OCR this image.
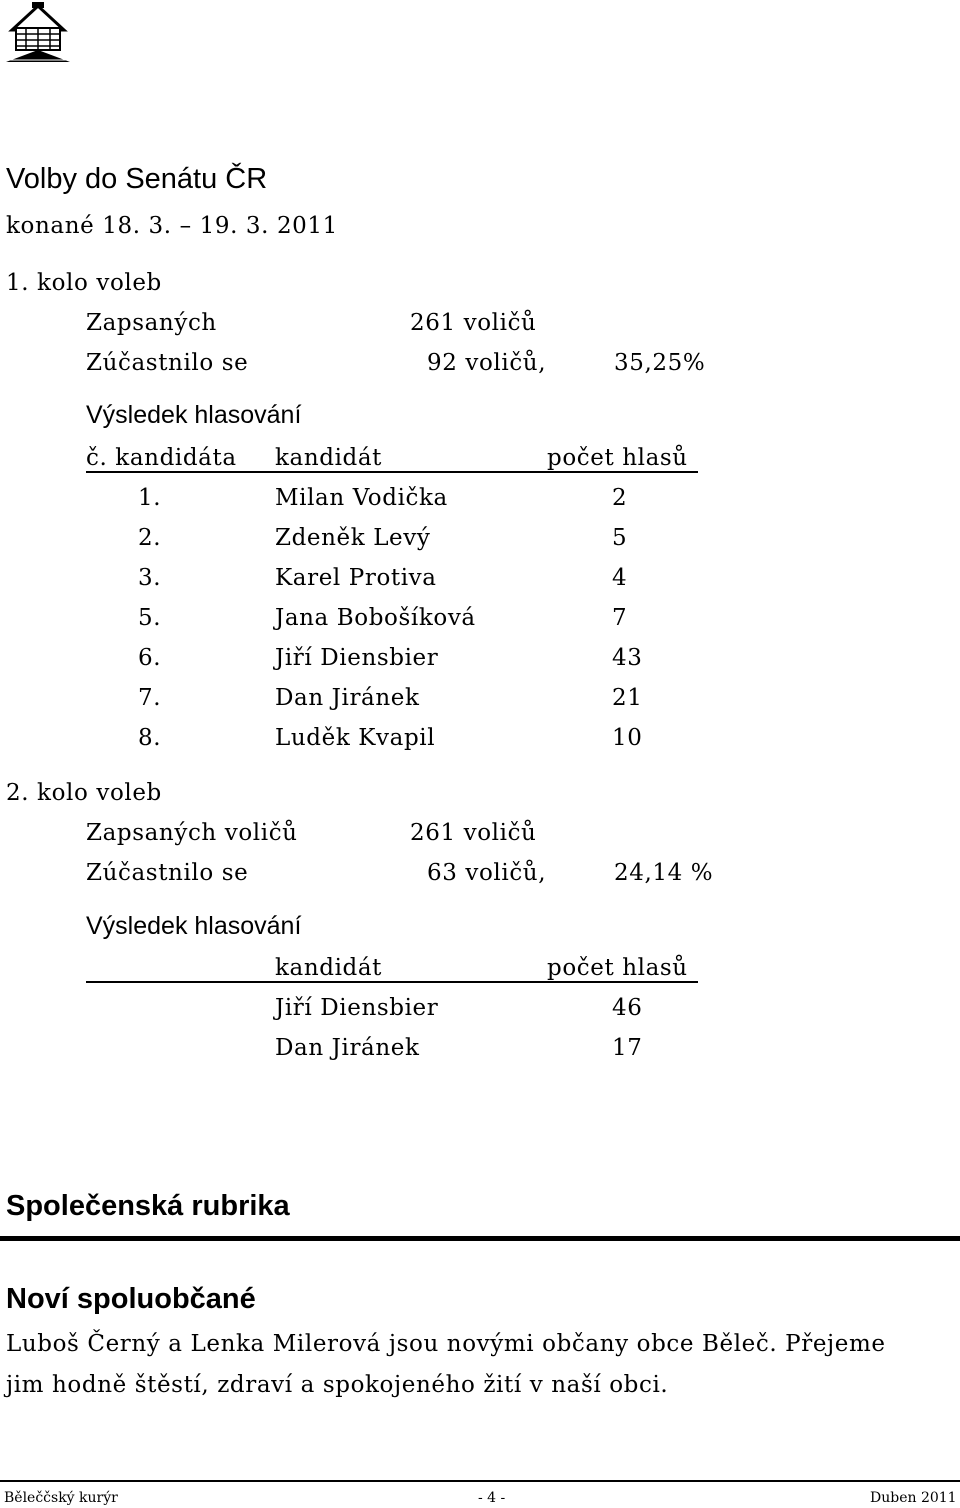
Volby do Senátu ČR
konané 18. 3. – 19. 3. 2011
1. kolo voleb
Zapsaných	261 voličů
Zúčastnilo se	92 voličů,	35,25%
Výsledek hlasování
č. kandidáta kandidát	počet hlasů
1.	Milan Vodička	2
2.	Zdeněk Levý	5
3.	Karel Protiva	4
5.	Jana Bobošíková	7
6.	Jiří Diensbier	43
7.	Dan Jiránek	21
8.	Luděk Kvapil	10
2. kolo voleb
Zapsaných voličů	261 voličů
Zúčastnilo se	63 voličů,	24,14 %
Výsledek hlasování
kandidát	počet hlasů
Jiří Diensbier	46
Dan Jiránek	17
Společenská rubrika
Noví spoluobčané
Luboš Černý a Lenka Milerová jsou novými občany obce Běleč. Přejeme
jim hodně štěstí, zdraví a spokojeného žití v naší obci.
Běleččský kurýr	- 4 -	Duben 2011
